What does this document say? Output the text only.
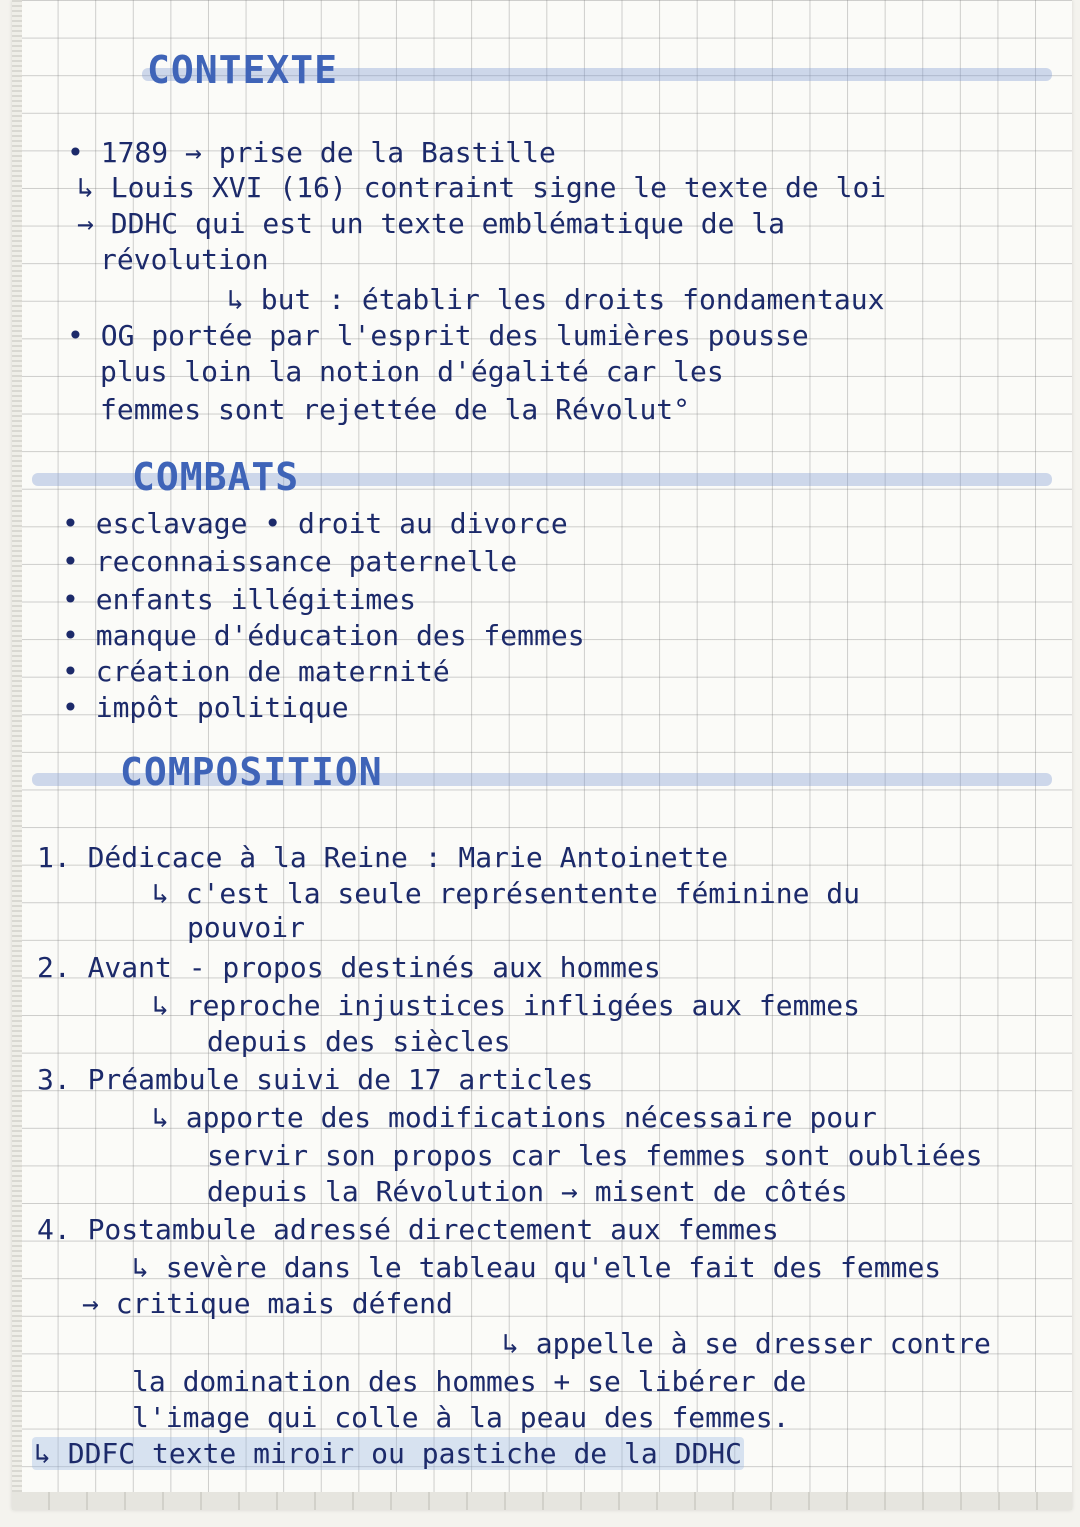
CONTEXTE
• 1789 → prise de la Bastille
↳ Louis XVI (16) contraint signe le texte de loi
→ DDHC qui est un texte emblématique de la
révolution
↳ but : établir les droits fondamentaux
• OG portée par l'esprit des lumières pousse
plus loin la notion d'égalité car les
femmes sont rejettée de la Révolut°
COMBATS
• esclavage • droit au divorce
• reconnaissance paternelle
• enfants illégitimes
• manque d'éducation des femmes
• création de maternité
• impôt politique
COMPOSITION
1. Dédicace à la Reine : Marie Antoinette
↳ c'est la seule représentente féminine du
pouvoir
2. Avant - propos destinés aux hommes
↳ reproche injustices infligées aux femmes
depuis des siècles
3. Préambule suivi de 17 articles
↳ apporte des modifications nécessaire pour
servir son propos car les femmes sont oubliées
depuis la Révolution → misent de côtés
4. Postambule adressé directement aux femmes
↳ sevère dans le tableau qu'elle fait des femmes
→ critique mais défend
↳ appelle à se dresser contre
la domination des hommes + se libérer de
l'image qui colle à la peau des femmes.
↳ DDFC texte miroir ou pastiche de la DDHC
